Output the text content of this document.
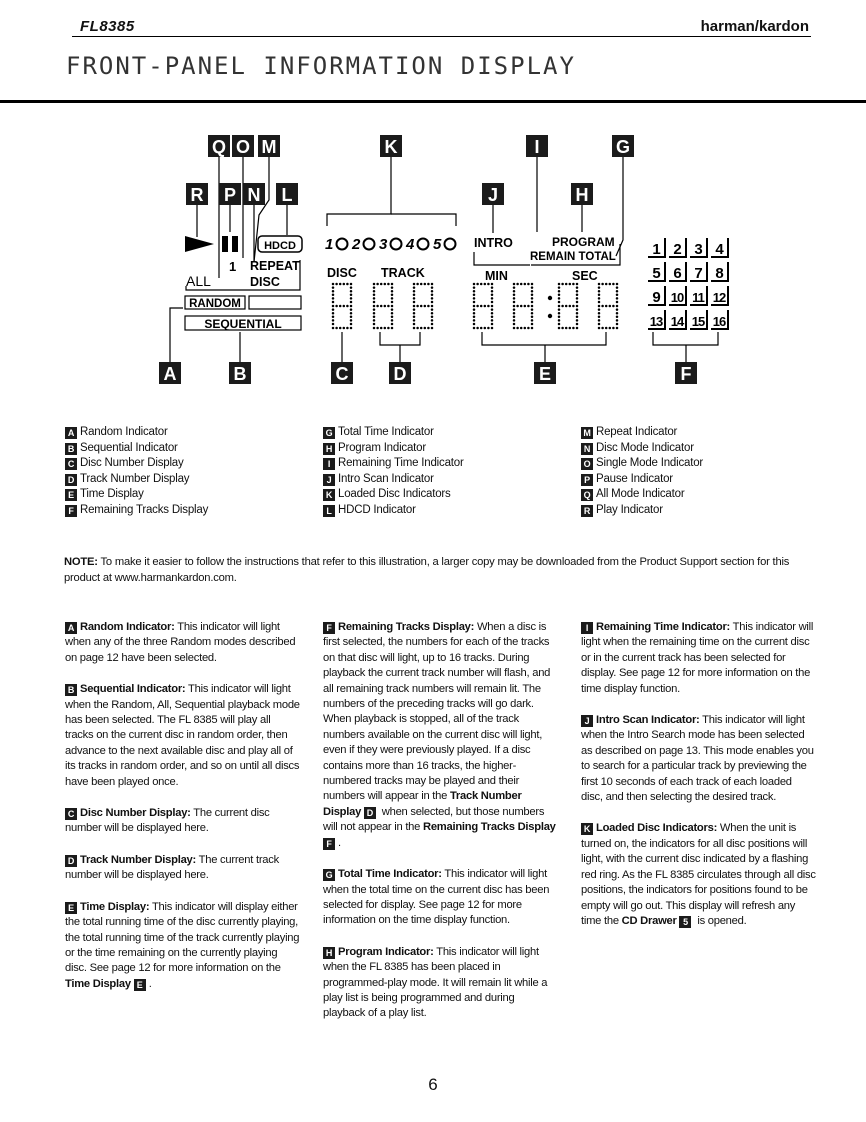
FL8385	harman/kardon
FRONT-PANEL INFORMATION DISPLAY
Q O M	K	I	G
R P N L	J	H
HDCD 1 2 3 4 5	INTRO	PROGRAM
REMAIN TOTAL
1 REPEAT
DISC
ALL	DISC TRACK	MIN	SEC
RANDOM
SEQUENTIAL
1 2 3 4
5 6 7 8
9 10 11 12
13 14 15 16
A	B	C	D	E	F
A Random Indicator
B Sequential Indicator
C Disc Number Display
D Track Number Display
E Time Display
F Remaining Tracks Display
G Total Time Indicator
H Program Indicator
I Remaining Time Indicator
J Intro Scan Indicator
K Loaded Disc Indicators
L HDCD Indicator
M Repeat Indicator
N Disc Mode Indicator
O Single Mode Indicator
P Pause Indicator
Q All Mode Indicator
R Play Indicator
NOTE: To make it easier to follow the instructions that refer to this illustration, a larger copy may be downloaded from the Product Support section for this product at www.harmankardon.com.

A Random Indicator: This indicator will light when any of the three Random modes described on page 12 have been selected.

B Sequential Indicator: This indicator will light when the Random, All, Sequential playback mode has been selected. The FL 8385 will play all tracks on the current disc in random order, then advance to the next available disc and play all of its tracks in random order, and so on until all discs have been played once.

C Disc Number Display: The current disc number will be displayed here.

D Track Number Display: The current track number will be displayed here.

E Time Display: This indicator will display either the total running time of the disc currently playing, the total running time of the track currently playing or the time remaining on the currently playing disc. See page 12 for more information on the Time Display E .

F Remaining Tracks Display: When a disc is first selected, the numbers for each of the tracks on that disc will light, up to 16 tracks. During playback the current track number will flash, and all remaining track numbers will remain lit. The numbers of the preceding tracks will go dark. When playback is stopped, all of the track numbers available on the current disc will light, even if they were previously played. If a disc contains more than 16 tracks, the higher-numbered tracks may be played and their numbers will appear in the Track Number Display D when selected, but those numbers will not appear in the Remaining Tracks Display F .

G Total Time Indicator: This indicator will light when the total time on the current disc has been selected for display. See page 12 for more information on the time display function.

H Program Indicator: This indicator will light when the FL 8385 has been placed in programmed-play mode. It will remain lit while a play list is being programmed and during playback of a play list.

I Remaining Time Indicator: This indicator will light when the remaining time on the current disc or in the current track has been selected for display. See page 12 for more information on the time display function.

J Intro Scan Indicator: This indicator will light when the Intro Search mode has been selected as described on page 13. This mode enables you to search for a particular track by previewing the first 10 seconds of each track of each loaded disc, and then selecting the desired track.

K Loaded Disc Indicators: When the unit is turned on, the indicators for all disc positions will light, with the current disc indicated by a flashing red ring. As the FL 8385 circulates through all disc positions, the indicators for positions found to be empty will go out. This display will refresh any time the CD Drawer 5 is opened.

6
